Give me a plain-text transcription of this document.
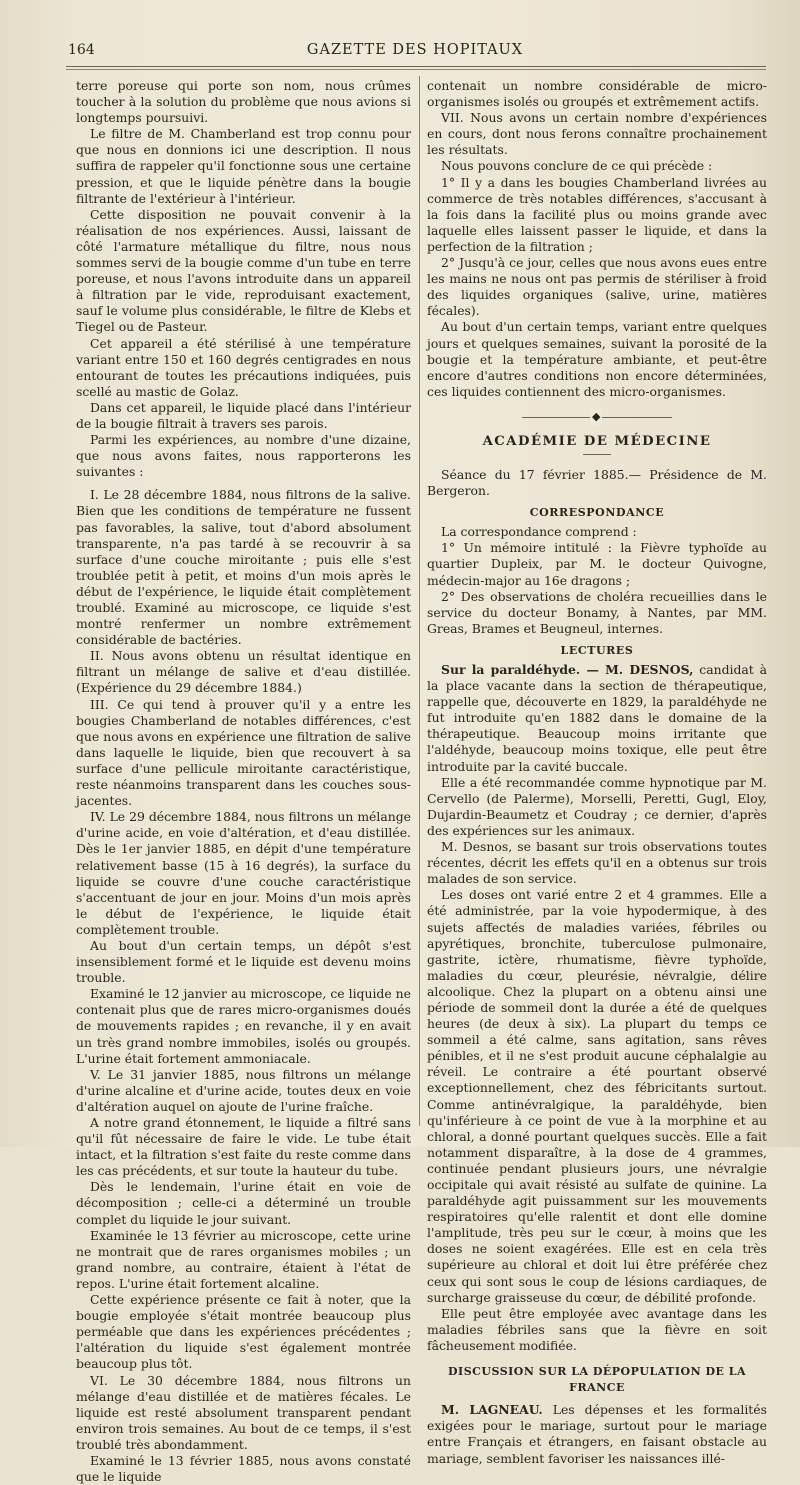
164	GAZETTE DES HOPITAUX

terre poreuse qui porte son nom, nous crûmes toucher à la solution du problème que nous avions si longtemps poursuivi.

Le filtre de M. Chamberland est trop connu pour que nous en donnions ici une description. Il nous suffira de rappeler qu'il fonctionne sous une certaine pression, et que le liquide pénètre dans la bougie filtrante de l'extérieur à l'intérieur.

Cette disposition ne pouvait convenir à la réalisation de nos expériences. Aussi, laissant de côté l'armature métallique du filtre, nous nous sommes servi de la bougie comme d'un tube en terre poreuse, et nous l'avons introduite dans un appareil à filtration par le vide, reproduisant exactement, sauf le volume plus considérable, le filtre de Klebs et Tiegel ou de Pasteur.

Cet appareil a été stérilisé à une température variant entre 150 et 160 degrés centigrades en nous entourant de toutes les précautions indiquées, puis scellé au mastic de Golaz.

Dans cet appareil, le liquide placé dans l'intérieur de la bougie filtrait à travers ses parois.

Parmi les expériences, au nombre d'une dizaine, que nous avons faites, nous rapporterons les suivantes :

I. Le 28 décembre 1884, nous filtrons de la salive. Bien que les conditions de température ne fussent pas favorables, la salive, tout d'abord absolument transparente, n'a pas tardé à se recouvrir à sa surface d'une couche miroitante ; puis elle s'est troublée petit à petit, et moins d'un mois après le début de l'expérience, le liquide était complètement troublé. Examiné au microscope, ce liquide s'est montré renfermer un nombre extrêmement considérable de bactéries.

II. Nous avons obtenu un résultat identique en filtrant un mélange de salive et d'eau distillée. (Expérience du 29 décembre 1884.)

III. Ce qui tend à prouver qu'il y a entre les bougies Chamberland de notables différences, c'est que nous avons en expérience une filtration de salive dans laquelle le liquide, bien que recouvert à sa surface d'une pellicule miroitante caractéristique, reste néanmoins transparent dans les couches sous-jacentes.

IV. Le 29 décembre 1884, nous filtrons un mélange d'urine acide, en voie d'altération, et d'eau distillée. Dès le 1er janvier 1885, en dépit d'une température relativement basse (15 à 16 degrés), la surface du liquide se couvre d'une couche caractéristique s'accentuant de jour en jour. Moins d'un mois après le début de l'expérience, le liquide était complètement trouble.

Au bout d'un certain temps, un dépôt s'est insensiblement formé et le liquide est devenu moins trouble.

Examiné le 12 janvier au microscope, ce liquide ne contenait plus que de rares micro-organismes doués de mouvements rapides ; en revanche, il y en avait un très grand nombre immobiles, isolés ou groupés. L'urine était fortement ammoniacale.

V. Le 31 janvier 1885, nous filtrons un mélange d'urine alcaline et d'urine acide, toutes deux en voie d'altération auquel on ajoute de l'urine fraîche.

A notre grand étonnement, le liquide a filtré sans qu'il fût nécessaire de faire le vide. Le tube était intact, et la filtration s'est faite du reste comme dans les cas précédents, et sur toute la hauteur du tube.

Dès le lendemain, l'urine était en voie de décomposition ; celle-ci a déterminé un trouble complet du liquide le jour suivant.

Examinée le 13 février au microscope, cette urine ne montrait que de rares organismes mobiles ; un grand nombre, au contraire, étaient à l'état de repos. L'urine était fortement alcaline.

Cette expérience présente ce fait à noter, que la bougie employée s'était montrée beaucoup plus perméable que dans les expériences précédentes ; l'altération du liquide s'est également montrée beaucoup plus tôt.

VI. Le 30 décembre 1884, nous filtrons un mélange d'eau distillée et de matières fécales. Le liquide est resté absolument transparent pendant environ trois semaines. Au bout de ce temps, il s'est troublé très abondamment.

Examiné le 13 février 1885, nous avons constaté que le liquide

contenait un nombre considérable de micro-organismes isolés ou groupés et extrêmement actifs.

VII. Nous avons un certain nombre d'expériences en cours, dont nous ferons connaître prochainement les résultats.

Nous pouvons conclure de ce qui précède :

1° Il y a dans les bougies Chamberland livrées au commerce de très notables différences, s'accusant à la fois dans la facilité plus ou moins grande avec laquelle elles laissent passer le liquide, et dans la perfection de la filtration ;

2° Jusqu'à ce jour, celles que nous avons eues entre les mains ne nous ont pas permis de stériliser à froid des liquides organiques (salive, urine, matières fécales).

Au bout d'un certain temps, variant entre quelques jours et quelques semaines, suivant la porosité de la bougie et la température ambiante, et peut-être encore d'autres conditions non encore déterminées, ces liquides contiennent des micro-organismes.

◆
ACADÉMIE DE MÉDECINE

Séance du 17 février 1885.— Présidence de M. Bergeron.

CORRESPONDANCE

La correspondance comprend :

1° Un mémoire intitulé : la Fièvre typhoïde au quartier Dupleix, par M. le docteur Quivogne, médecin-major au 16e dragons ;

2° Des observations de choléra recueillies dans le service du docteur Bonamy, à Nantes, par MM. Greas, Brames et Beugneul, internes.

LECTURES

Sur la paraldéhyde. — M. DESNOS, candidat à la place vacante dans la section de thérapeutique, rappelle que, découverte en 1829, la paraldéhyde ne fut introduite qu'en 1882 dans le domaine de la thérapeutique. Beaucoup moins irritante que l'aldéhyde, beaucoup moins toxique, elle peut être introduite par la cavité buccale.

Elle a été recommandée comme hypnotique par M. Cervello (de Palerme), Morselli, Peretti, Gugl, Eloy, Dujardin-Beaumetz et Coudray ; ce dernier, d'après des expériences sur les animaux.

M. Desnos, se basant sur trois observations toutes récentes, décrit les effets qu'il en a obtenus sur trois malades de son service.

Les doses ont varié entre 2 et 4 grammes. Elle a été administrée, par la voie hypodermique, à des sujets affectés de maladies variées, fébriles ou apyrétiques, bronchite, tuberculose pulmonaire, gastrite, ictère, rhumatisme, fièvre typhoïde, maladies du cœur, pleurésie, névralgie, délire alcoolique. Chez la plupart on a obtenu ainsi une période de sommeil dont la durée a été de quelques heures (de deux à six). La plupart du temps ce sommeil a été calme, sans agitation, sans rêves pénibles, et il ne s'est produit aucune céphalalgie au réveil. Le contraire a été pourtant observé exceptionnellement, chez des fébricitants surtout. Comme antinévralgique, la paraldéhyde, bien qu'inférieure à ce point de vue à la morphine et au chloral, a donné pourtant quelques succès. Elle a fait notamment disparaître, à la dose de 4 grammes, continuée pendant plusieurs jours, une névralgie occipitale qui avait résisté au sulfate de quinine. La paraldéhyde agit puissamment sur les mouvements respiratoires qu'elle ralentit et dont elle domine l'amplitude, très peu sur le cœur, à moins que les doses ne soient exagérées. Elle est en cela très supérieure au chloral et doit lui être préférée chez ceux qui sont sous le coup de lésions cardiaques, de surcharge graisseuse du cœur, de débilité profonde.

Elle peut être employée avec avantage dans les maladies fébriles sans que la fièvre en soit fâcheusement modifiée.

DISCUSSION SUR LA DÉPOPULATION DE LA FRANCE

M. LAGNEAU. Les dépenses et les formalités exigées pour le mariage, surtout pour le mariage entre Français et étrangers, en faisant obstacle au mariage, semblent favoriser les naissances illé-
